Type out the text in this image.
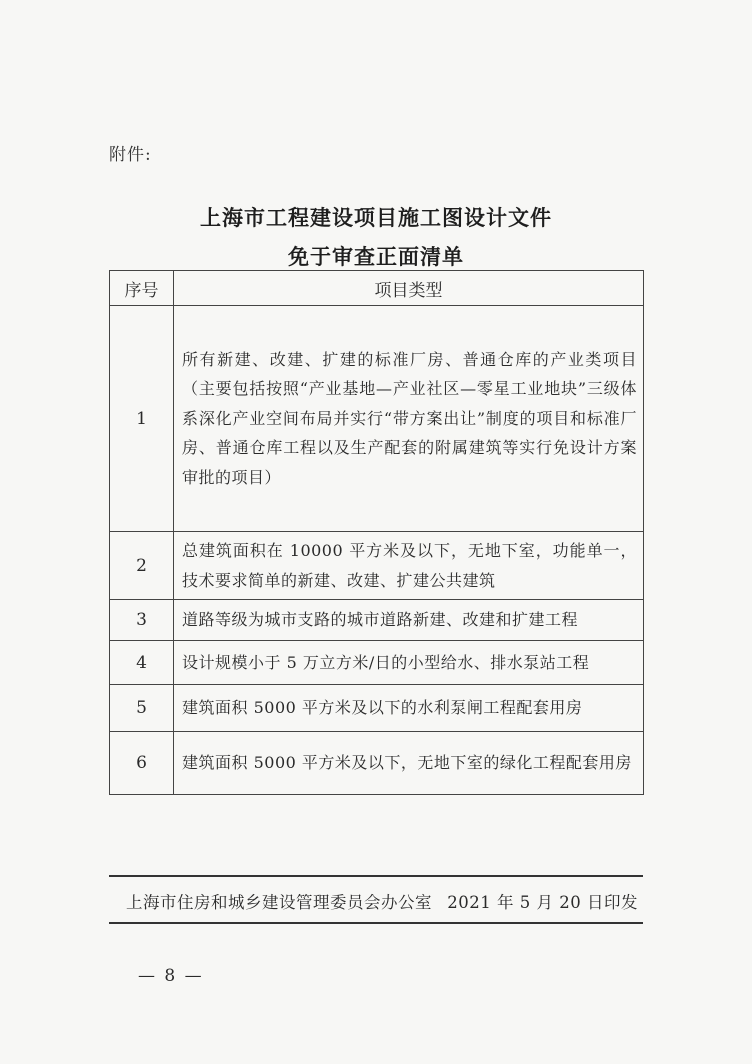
附件:
上海市工程建设项目施工图设计文件
免于审查正面清单
序号	项目类型
1	所有新建、改建、扩建的标准厂房、普通仓库的产业类项目（主要包括按照“产业基地—产业社区—零星工业地块”三级体系深化产业空间布局并实行“带方案出让”制度的项目和标准厂房、普通仓库工程以及生产配套的附属建筑等实行免设计方案审批的项目）
2	总建筑面积在 10000 平方米及以下，无地下室，功能单一，技术要求简单的新建、改建、扩建公共建筑
3	道路等级为城市支路的城市道路新建、改建和扩建工程
4	设计规模小于 5 万立方米/日的小型给水、排水泵站工程
5	建筑面积 5000 平方米及以下的水利泵闸工程配套用房
6	建筑面积 5000 平方米及以下，无地下室的绿化工程配套用房
上海市住房和城乡建设管理委员会办公室 2021 年 5 月 20 日印发
— 8 —
